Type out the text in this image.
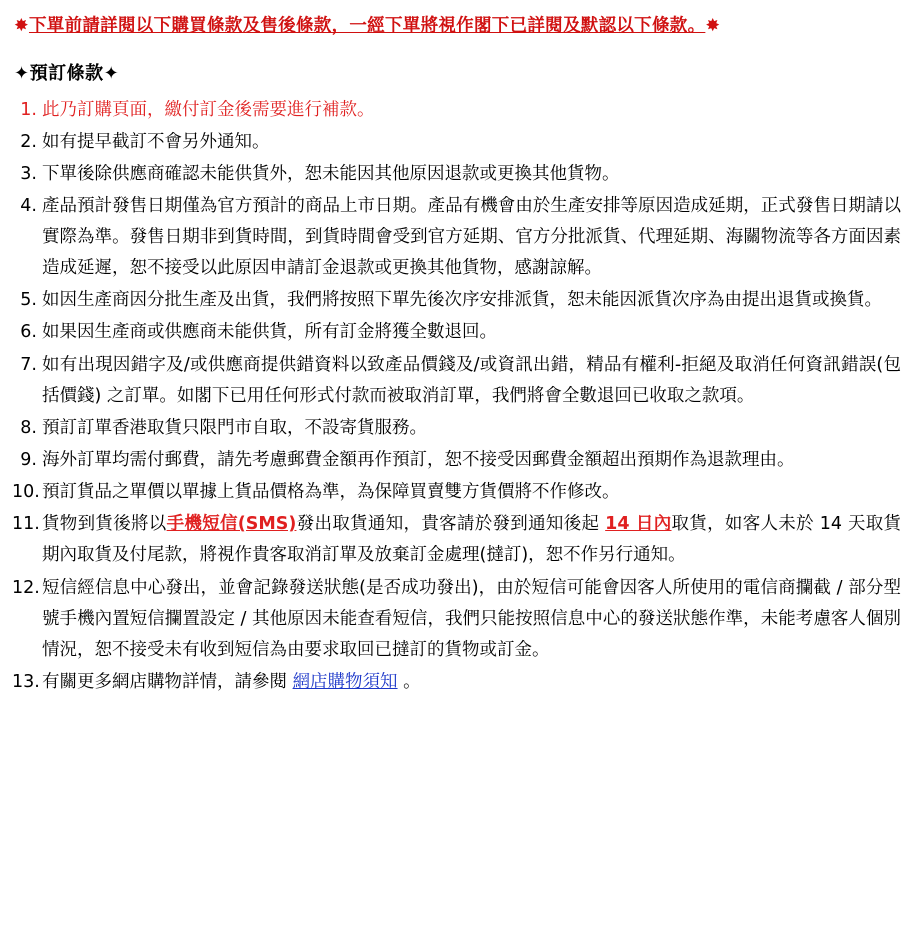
✸下單前請詳閱以下購買條款及售後條款，一經下單將視作閣下已詳閱及默認以下條款。✸
✦預訂條款✦
1. 此乃訂購頁面，繳付訂金後需要進行補款。
2. 如有提早截訂不會另外通知。
3. 下單後除供應商確認未能供貨外，恕未能因其他原因退款或更換其他貨物。
4. 產品預計發售日期僅為官方預計的商品上市日期。產品有機會由於生產安排等原因造成延期，正式發售日期請以實際為準。發售日期非到貨時間，到貨時間會受到官方延期、官方分批派貨、代理延期、海關物流等各方面因素造成延遲，恕不接受以此原因申請訂金退款或更換其他貨物，感謝諒解。
5. 如因生產商因分批生產及出貨，我們將按照下單先後次序安排派貨，恕未能因派貨次序為由提出退貨或換貨。
6. 如果因生產商或供應商未能供貨，所有訂金將獲全數退回。
7. 如有出現因錯字及/或供應商提供錯資料以致產品價錢及/或資訊出錯，精品有權利-拒絕及取消任何資訊錯誤(包括價錢) 之訂單。如閣下已用任何形式付款而被取消訂單，我們將會全數退回已收取之款項。
8. 預訂訂單香港取貨只限門市自取，不設寄貨服務。
9. 海外訂單均需付郵費，請先考慮郵費金額再作預訂，恕不接受因郵費金額超出預期作為退款理由。
10. 預訂貨品之單價以單據上貨品價格為準，為保障買賣雙方貨價將不作修改。
11. 貨物到貨後將以手機短信(SMS)發出取貨通知，貴客請於發到通知後起 14 日內取貨，如客人未於 14 天取貨期內取貨及付尾款，將視作貴客取消訂單及放棄訂金處理(撻訂)，恕不作另行通知。
12. 短信經信息中心發出，並會記錄發送狀態(是否成功發出)，由於短信可能會因客人所使用的電信商攔截 / 部分型號手機內置短信攔置設定 / 其他原因未能查看短信，我們只能按照信息中心的發送狀態作準，未能考慮客人個別情況，恕不接受未有收到短信為由要求取回已撻訂的貨物或訂金。
13. 有關更多網店購物詳情，請參閱 網店購物須知 。
